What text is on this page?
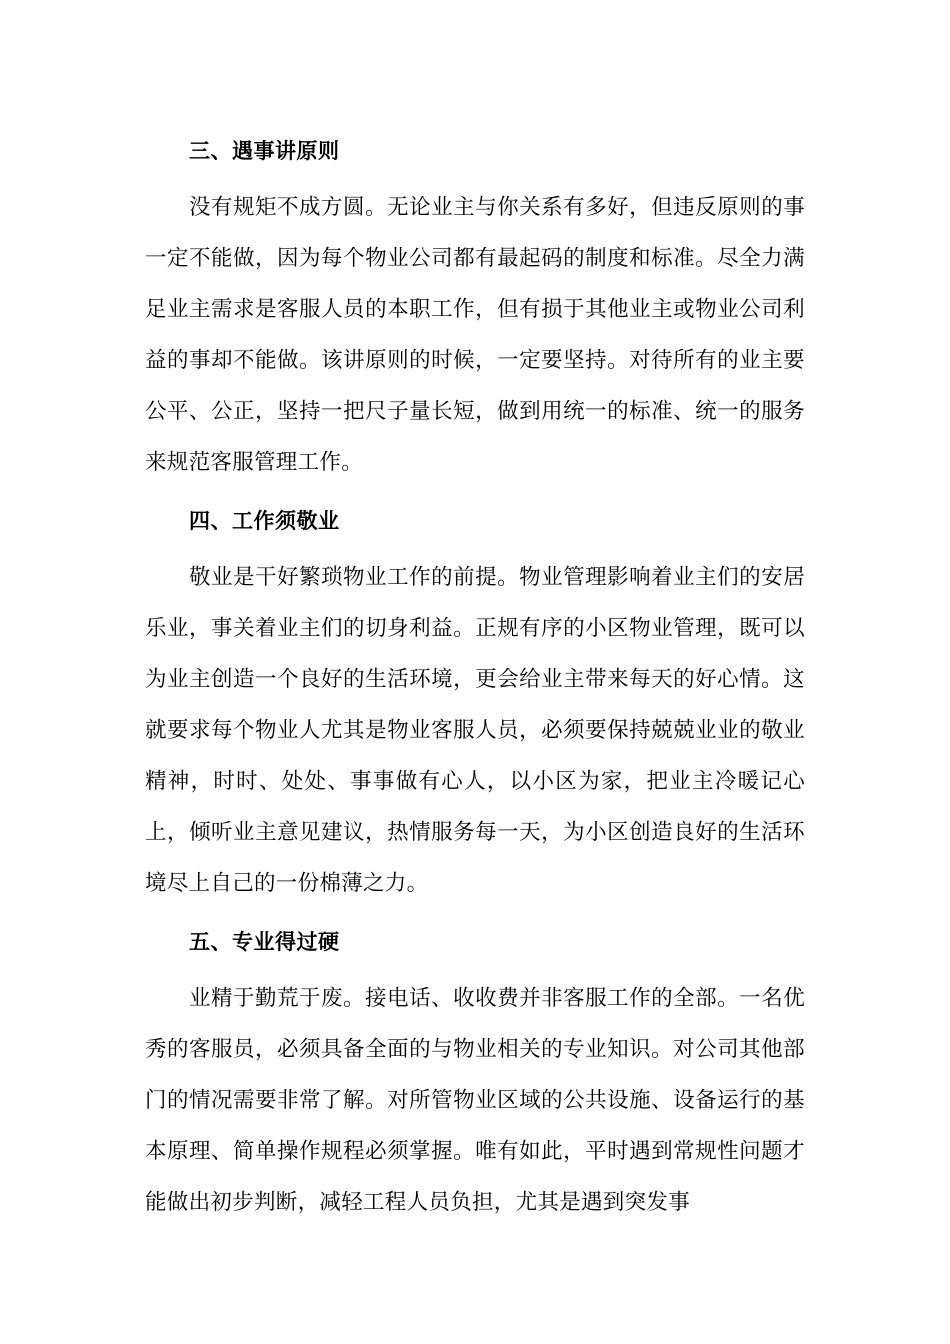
三、遇事讲原则

没有规矩不成方圆。无论业主与你关系有多好，但违反原则的事一定不能做，因为每个物业公司都有最起码的制度和标准。尽全力满足业主需求是客服人员的本职工作，但有损于其他业主或物业公司利益的事却不能做。该讲原则的时候，一定要坚持。对待所有的业主要公平、公正，坚持一把尺子量长短，做到用统一的标准、统一的服务来规范客服管理工作。

四、工作须敬业

敬业是干好繁琐物业工作的前提。物业管理影响着业主们的安居乐业，事关着业主们的切身利益。正规有序的小区物业管理，既可以为业主创造一个良好的生活环境，更会给业主带来每天的好心情。这就要求每个物业人尤其是物业客服人员，必须要保持兢兢业业的敬业精神，时时、处处、事事做有心人，以小区为家，把业主冷暖记心上，倾听业主意见建议，热情服务每一天，为小区创造良好的生活环境尽上自己的一份棉薄之力。

五、专业得过硬

业精于勤荒于废。接电话、收收费并非客服工作的全部。一名优秀的客服员，必须具备全面的与物业相关的专业知识。对公司其他部门的情况需要非常了解。对所管物业区域的公共设施、设备运行的基本原理、简单操作规程必须掌握。唯有如此，平时遇到常规性问题才能做出初步判断，减轻工程人员负担，尤其是遇到突发事
